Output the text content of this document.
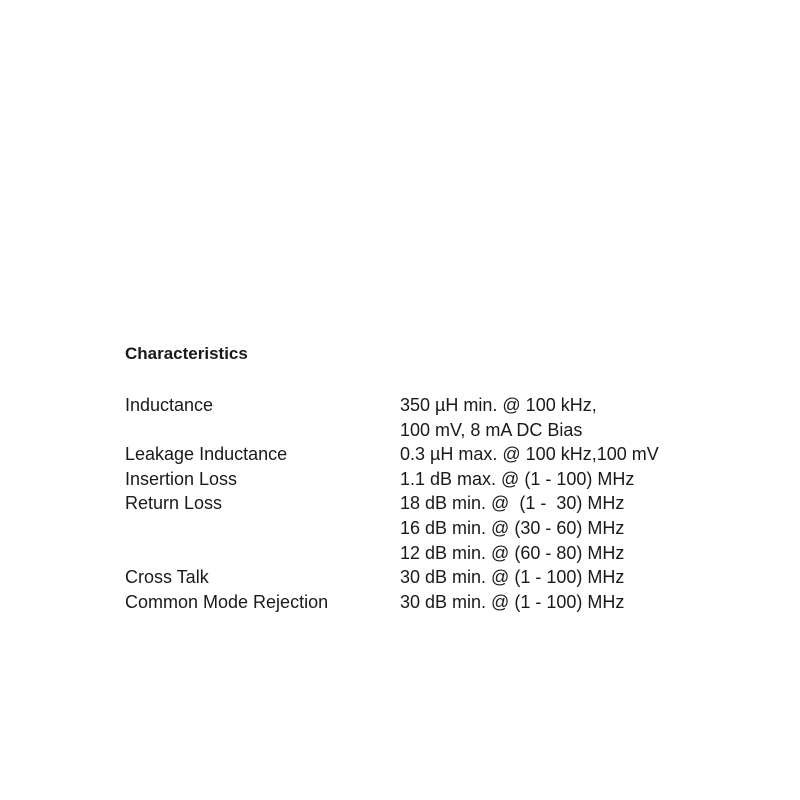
Characteristics
Inductance	350 µH min. @ 100 kHz,
100 mV, 8 mA DC Bias
Leakage Inductance	0.3 µH max. @ 100 kHz,100 mV
Insertion Loss	1.1 dB max. @ (1 - 100) MHz
Return Loss	18 dB min. @  (1 -  30) MHz
16 dB min. @ (30 - 60) MHz
12 dB min. @ (60 - 80) MHz
Cross Talk	30 dB min. @ (1 - 100) MHz
Common Mode Rejection	30 dB min. @ (1 - 100) MHz
